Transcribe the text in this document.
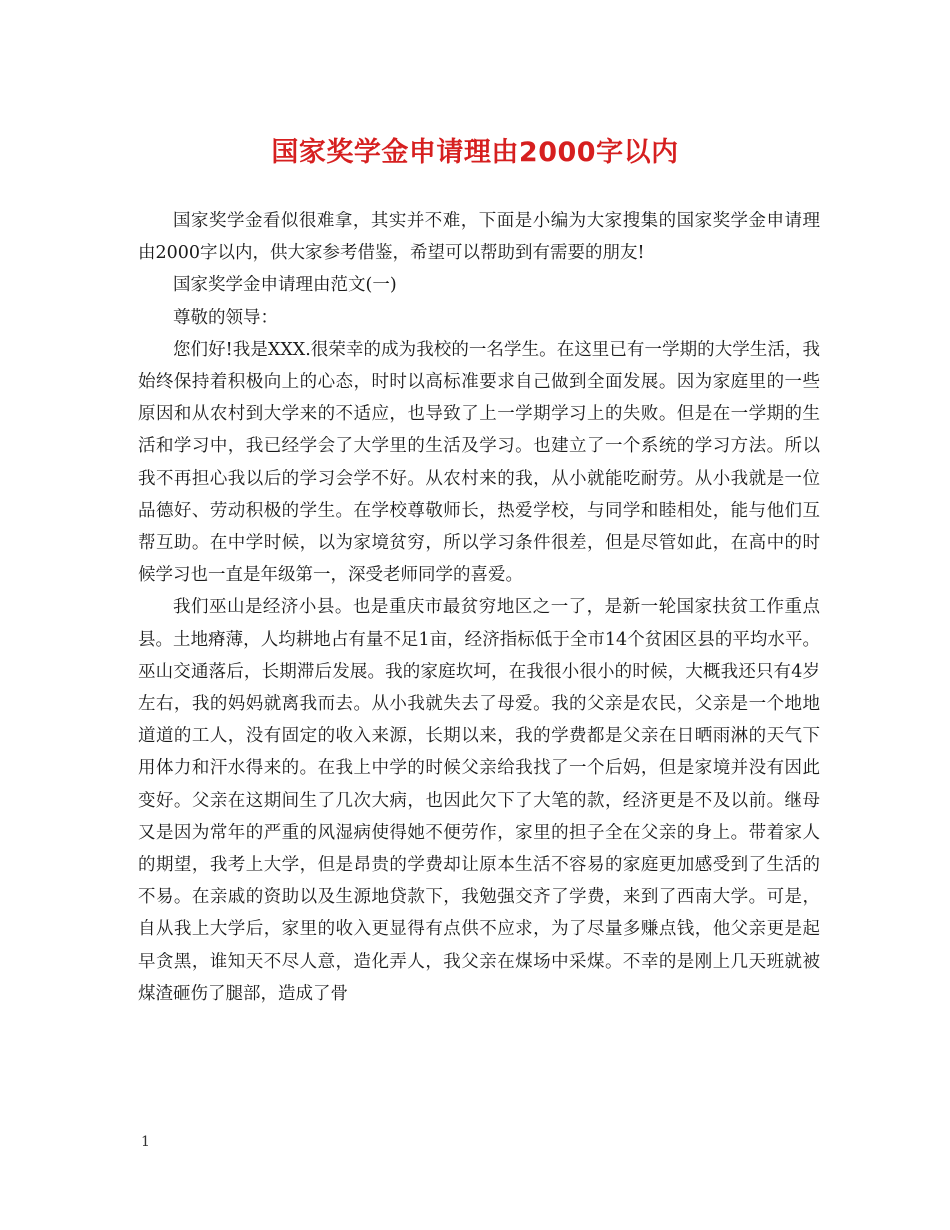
国家奖学金申请理由2000字以内

国家奖学金看似很难拿，其实并不难，下面是小编为大家搜集的国家奖学金申请理由2000字以内，供大家参考借鉴，希望可以帮助到有需要的朋友!

国家奖学金申请理由范文(一)

尊敬的领导：

您们好!我是XXX.很荣幸的成为我校的一名学生。在这里已有一学期的大学生活，我始终保持着积极向上的心态，时时以高标准要求自己做到全面发展。因为家庭里的一些原因和从农村到大学来的不适应，也导致了上一学期学习上的失败。但是在一学期的生活和学习中，我已经学会了大学里的生活及学习。也建立了一个系统的学习方法。所以我不再担心我以后的学习会学不好。从农村来的我，从小就能吃耐劳。从小我就是一位品德好、劳动积极的学生。在学校尊敬师长，热爱学校，与同学和睦相处，能与他们互帮互助。在中学时候，以为家境贫穷，所以学习条件很差，但是尽管如此，在高中的时候学习也一直是年级第一，深受老师同学的喜爱。

我们巫山是经济小县。也是重庆市最贫穷地区之一了，是新一轮国家扶贫工作重点县。土地瘠薄，人均耕地占有量不足1亩，经济指标低于全市14个贫困区县的平均水平。巫山交通落后，长期滞后发展。我的家庭坎坷，在我很小很小的时候，大概我还只有4岁左右，我的妈妈就离我而去。从小我就失去了母爱。我的父亲是农民，父亲是一个地地道道的工人，没有固定的收入来源，长期以来，我的学费都是父亲在日晒雨淋的天气下用体力和汗水得来的。在我上中学的时候父亲给我找了一个后妈，但是家境并没有因此变好。父亲在这期间生了几次大病，也因此欠下了大笔的款，经济更是不及以前。继母又是因为常年的严重的风湿病使得她不便劳作，家里的担子全在父亲的身上。带着家人的期望，我考上大学，但是昂贵的学费却让原本生活不容易的家庭更加感受到了生活的不易。在亲戚的资助以及生源地贷款下，我勉强交齐了学费，来到了西南大学。可是，自从我上大学后，家里的收入更显得有点供不应求，为了尽量多赚点钱，他父亲更是起早贪黑，谁知天不尽人意，造化弄人，我父亲在煤场中采煤。不幸的是刚上几天班就被煤渣砸伤了腿部，造成了骨

1
